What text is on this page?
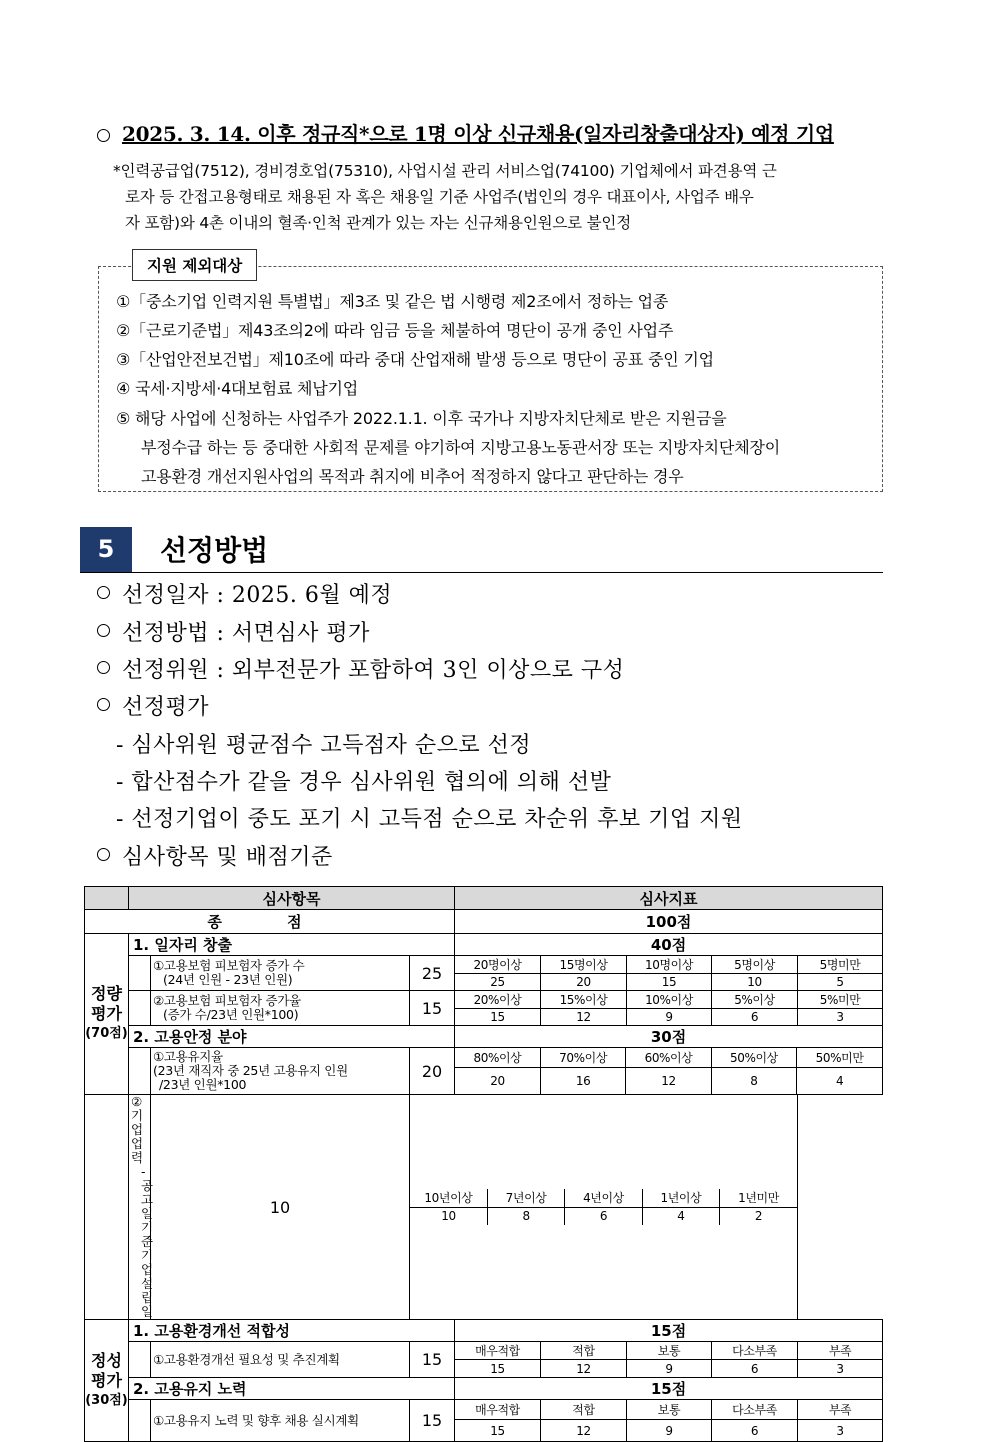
2025. 3. 14. 이후 정규직*으로 1명 이상 신규채용(일자리창출대상자) 예정 기업
*인력공급업(7512), 경비경호업(75310), 사업시설 관리 서비스업(74100) 기업체에서 파견용역 근
로자 등 간접고용형태로 채용된 자 혹은 채용일 기준 사업주(법인의 경우 대표이사, 사업주 배우
자 포함)와 4촌 이내의 혈족·인척 관계가 있는 자는 신규채용인원으로 불인정
지원 제외대상
①「중소기업 인력지원 특별법」제3조 및 같은 법 시행령 제2조에서 정하는 업종
②「근로기준법」제43조의2에 따라 임금 등을 체불하여 명단이 공개 중인 사업주
③「산업안전보건법」제10조에 따라 중대 산업재해 발생 등으로 명단이 공표 중인 기업
④ 국세·지방세·4대보험료 체납기업
⑤ 해당 사업에 신청하는 사업주가 2022.1.1. 이후 국가나 지방자치단체로 받은 지원금을
부정수급 하는 등 중대한 사회적 문제를 야기하여 지방고용노동관서장 또는 지방자치단체장이
고용환경 개선지원사업의 목적과 취지에 비추어 적정하지 않다고 판단하는 경우
5	선정방법
선정일자 : 2025. 6월 예정
선정방법 : 서면심사 평가
선정위원 : 외부전문가 포함하여 3인 이상으로 구성
선정평가
- 심사위원 평균점수 고득점자 순으로 선정
- 합산점수가 같을 경우 심사위원 협의에 의해 선발
- 선정기업이 중도 포기 시 고득점 순으로 차순위 후보 기업 지원
심사항목 및 배점기준
	심사항목	심사지표
종 점	100점

정량
평가
(70점)
	1. 일자리 창출	40점

①고용보험 피보험자 증가 수
(24년 인원 - 23년 인원)	25	20명이상	15명이상	10명이상	5명이상	5명미만
25	20	15	10	5

②고용보험 피보험자 증가율
(증가 수/23년 인원*100)	15	20%이상	15%이상	10%이상	5%이상	5%미만
15	12	9	6	3
2. 고용안정 분야	30점

①고용유지율
(23년 재직자 중 25년 고용유지 인원
/23년 인원*100
	20	
80%이상	70%이상	60%이상	50%이상	50%미만
20	16	12	8	4

②기업 업력
- 공고일 기준 기업설립일
	10		10년이상	7년이상	4년이상	1년이상	1년미만
10	8	6	4	2

정성
평가
(30점)
	1. 고용환경개선 적합성	15점
	①고용환경개선 필요성 및 추진계획	15	매우적합	적합	보통	다소부족	부족
15	12	9	6	3
2. 고용유지 노력	15점
	①고용유지 노력 및 향후 채용 실시계획	15	매우적합	적합	보통	다소부족	부족
15	12	9	6	3
